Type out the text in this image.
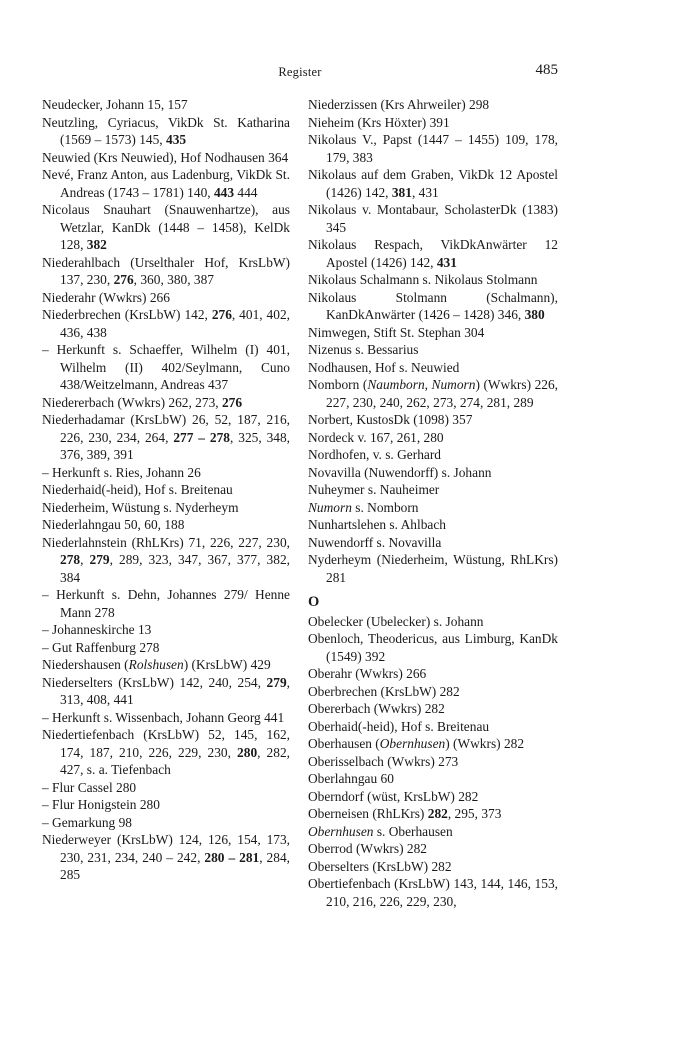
Register	485
Neudecker, Johann 15, 157
Neutzling, Cyriacus, VikDk St. Katharina (1569 – 1573) 145, 435
Neuwied (Krs Neuwied), Hof Nodhausen 364
Nevé, Franz Anton, aus Ladenburg, VikDk St. Andreas (1743 – 1781) 140, 443 444
Nicolaus Snauhart (Snauwenhartze), aus Wetzlar, KanDk (1448 – 1458), KelDk 128, 382
Niederahlbach (Urselthaler Hof, KrsLbW) 137, 230, 276, 360, 380, 387
Niederahr (Wwkrs) 266
Niederbrechen (KrsLbW) 142, 276, 401, 402, 436, 438
– Herkunft s. Schaeffer, Wilhelm (I) 401, Wilhelm (II) 402/Seylmann, Cuno 438/Weitzelmann, Andreas 437
Niedererbach (Wwkrs) 262, 273, 276
Niederhadamar (KrsLbW) 26, 52, 187, 216, 226, 230, 234, 264, 277 – 278, 325, 348, 376, 389, 391
– Herkunft s. Ries, Johann 26
Niederhaid(-heid), Hof s. Breitenau
Niederheim, Wüstung s. Nyderheym
Niederlahngau 50, 60, 188
Niederlahnstein (RhLKrs) 71, 226, 227, 230, 278, 279, 289, 323, 347, 367, 377, 382, 384
– Herkunft s. Dehn, Johannes 279/ Henne Mann 278
– Johanneskirche 13
– Gut Raffenburg 278
Niedershausen (Rolshusen) (KrsLbW) 429
Niederselters (KrsLbW) 142, 240, 254, 279, 313, 408, 441
– Herkunft s. Wissenbach, Johann Georg 441
Niedertiefenbach (KrsLbW) 52, 145, 162, 174, 187, 210, 226, 229, 230, 280, 282, 427, s. a. Tiefenbach
– Flur Cassel 280
– Flur Honigstein 280
– Gemarkung 98
Niederweyer (KrsLbW) 124, 126, 154, 173, 230, 231, 234, 240 – 242, 280 – 281, 284, 285
Niederzissen (Krs Ahrweiler) 298
Nieheim (Krs Höxter) 391
Nikolaus V., Papst (1447 – 1455) 109, 178, 179, 383
Nikolaus auf dem Graben, VikDk 12 Apostel (1426) 142, 381, 431
Nikolaus v. Montabaur, ScholasterDk (1383) 345
Nikolaus Respach, VikDkAnwärter 12 Apostel (1426) 142, 431
Nikolaus Schalmann s. Nikolaus Stolmann
Nikolaus Stolmann (Schalmann), KanDkAnwärter (1426 – 1428) 346, 380
Nimwegen, Stift St. Stephan 304
Nizenus s. Bessarius
Nodhausen, Hof s. Neuwied
Nomborn (Naumborn, Numorn) (Wwkrs) 226, 227, 230, 240, 262, 273, 274, 281, 289
Norbert, KustosDk (1098) 357
Nordeck v. 167, 261, 280
Nordhofen, v. s. Gerhard
Novavilla (Nuwendorff) s. Johann
Nuheymer s. Nauheimer
Numorn s. Nomborn
Nunhartslehen s. Ahlbach
Nuwendorff s. Novavilla
Nyderheym (Niederheim, Wüstung, RhLKrs) 281
O
Obelecker (Ubelecker) s. Johann
Obenloch, Theodericus, aus Limburg, KanDk (1549) 392
Oberahr (Wwkrs) 266
Oberbrechen (KrsLbW) 282
Obererbach (Wwkrs) 282
Oberhaid(-heid), Hof s. Breitenau
Oberhausen (Obernhusen) (Wwkrs) 282
Oberisselbach (Wwkrs) 273
Oberlahngau 60
Oberndorf (wüst, KrsLbW) 282
Oberneisen (RhLKrs) 282, 295, 373
Obernhusen s. Oberhausen
Oberrod (Wwkrs) 282
Oberselters (KrsLbW) 282
Obertiefenbach (KrsLbW) 143, 144, 146, 153, 210, 216, 226, 229, 230,
